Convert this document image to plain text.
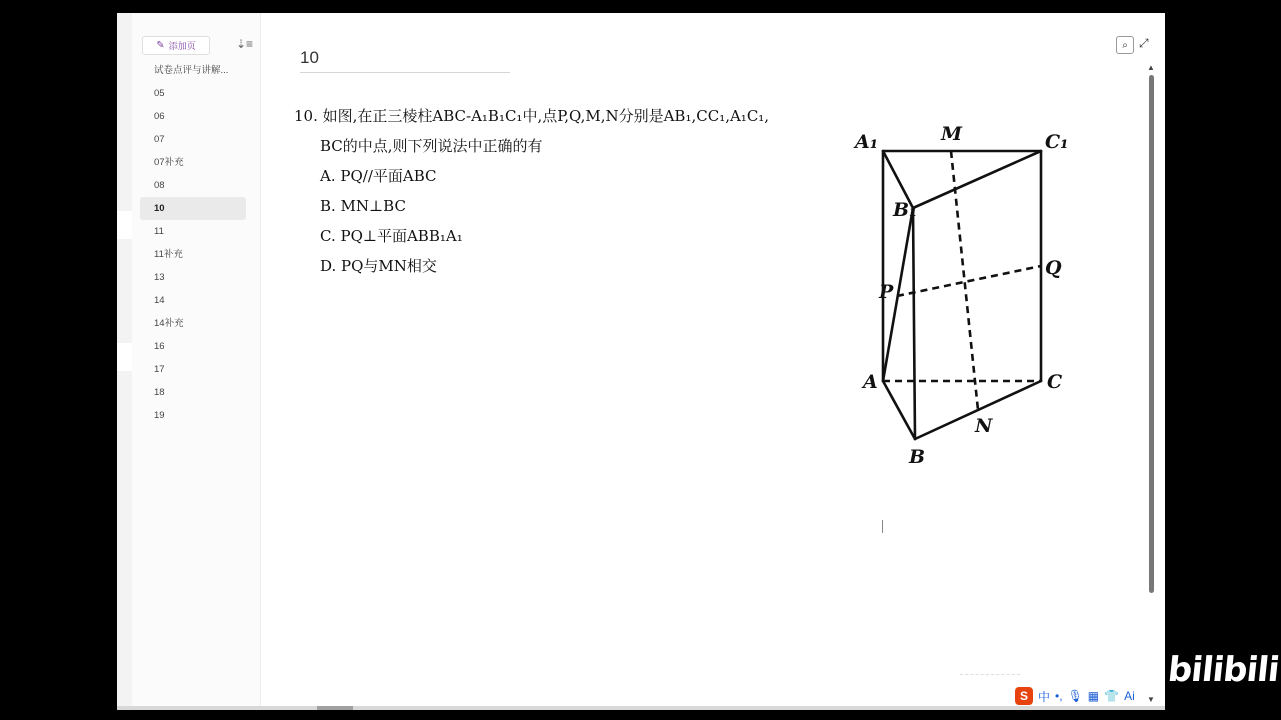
✎ 添加页	⇣≡
试卷点评与讲解...
05
06
07
07补充
08
10
11
11补充
13
14
14补充
16
17
18
19
10
⌕ ⤢
▲
▼
10. 如图,在正三棱柱ABC-A₁B₁C₁中,点P,Q,M,N分别是AB₁,CC₁,A₁C₁,
BC的中点,则下列说法中正确的有
A. PQ//平面ABC
B. MN⊥BC
C. PQ⊥平面ABB₁A₁
D. PQ与MN相交
A₁	M	C₁
B₁
Q
P
A	C
N
B
S 中 •, 🎙 ▦ 👕 Ai
bilibili
